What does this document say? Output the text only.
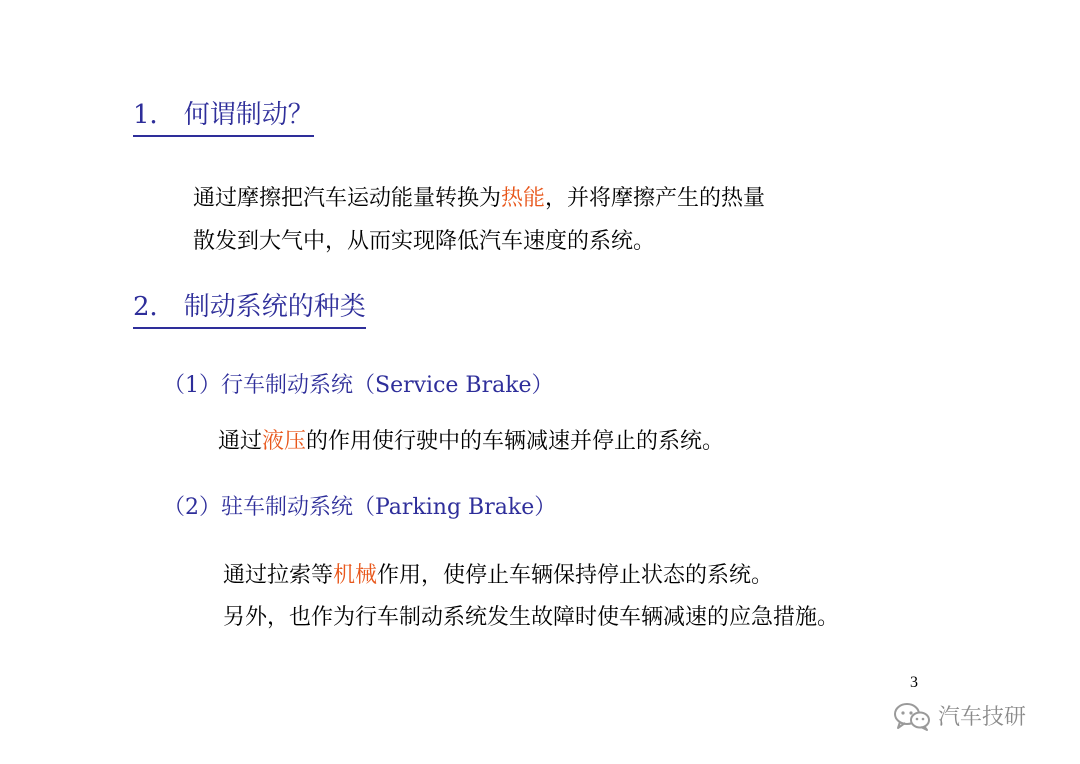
1． 何谓制动？
通过摩擦把汽车运动能量转换为热能，并将摩擦产生的热量
散发到大气中，从而实现降低汽车速度的系统。
2． 制动系统的种类
（1）行车制动系统（Service Brake）
通过液压的作用使行驶中的车辆减速并停止的系统。
（2）驻车制动系统（Parking Brake）
通过拉索等机械作用，使停止车辆保持停止状态的系统。
另外，也作为行车制动系统发生故障时使车辆减速的应急措施。
3
汽车技研
